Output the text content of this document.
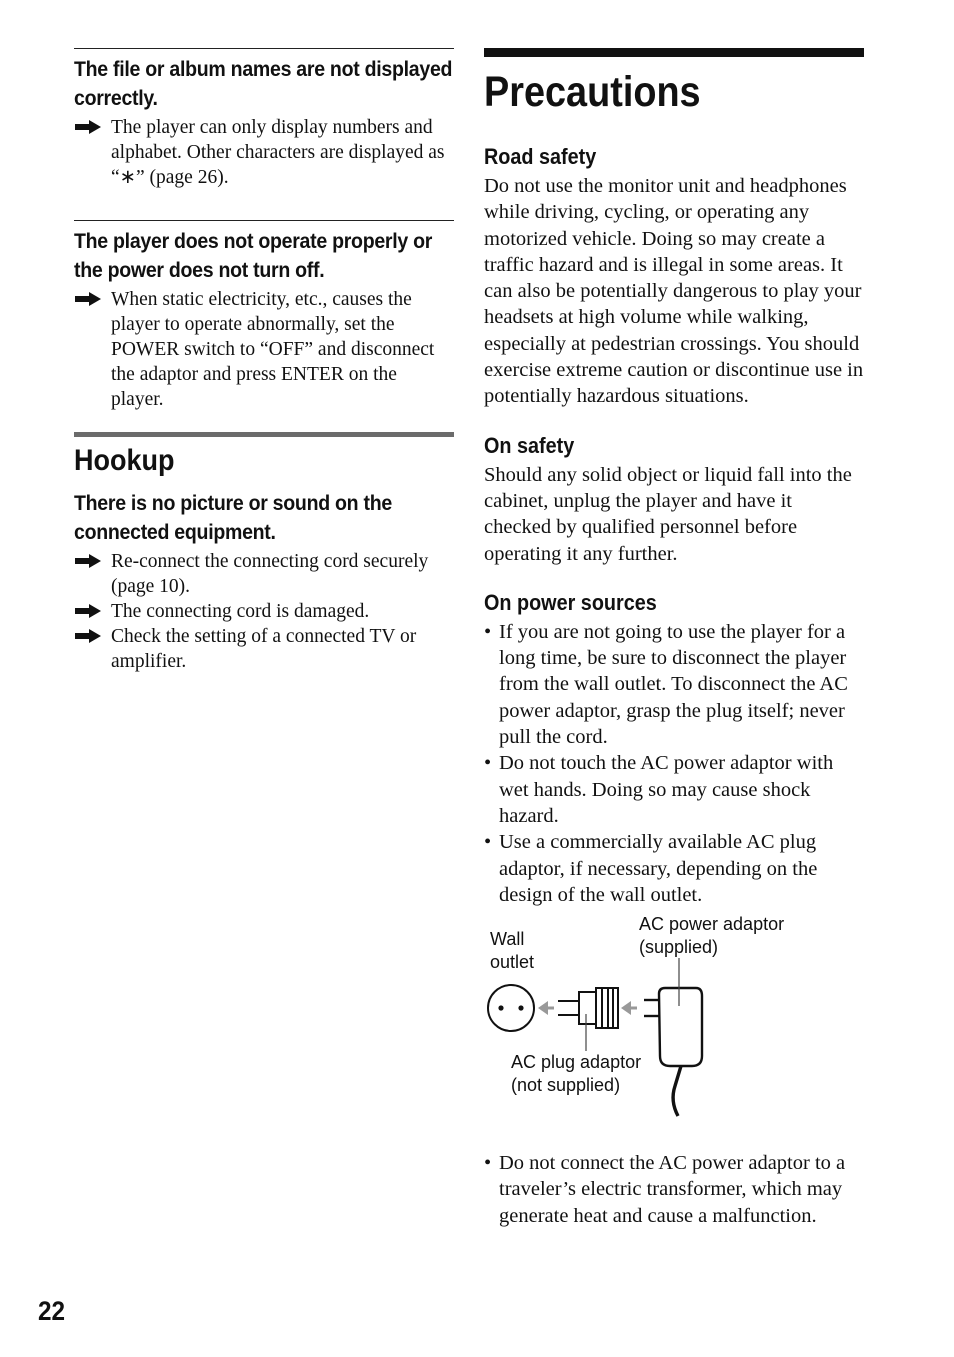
The file or album names are not displayed correctly.
The player can only display numbers and alphabet. Other characters are displayed as “∗” (page 26).
The player does not operate properly or the power does not turn off.
When static electricity, etc., causes the player to operate abnormally, set the POWER switch to “OFF” and disconnect the adaptor and press ENTER on the player.
Hookup
There is no picture or sound on the connected equipment.
Re-connect the connecting cord securely (page 10).
The connecting cord is damaged.
Check the setting of a connected TV or amplifier.
Precautions
Road safety

Do not use the monitor unit and headphones while driving, cycling, or operating any motorized vehicle. Doing so may create a traffic hazard and is illegal in some areas. It can also be potentially dangerous to play your headsets at high volume while walking, especially at pedestrian crossings. You should exercise extreme caution or discontinue use in potentially hazardous situations.

On safety

Should any solid object or liquid fall into the cabinet, unplug the player and have it checked by qualified personnel before operating it any further.

On power sources
• If you are not going to use the player for a long time, be sure to disconnect the player from the wall outlet. To disconnect the AC power adaptor, grasp the plug itself; never pull the cord.
• Do not touch the AC power adaptor with wet hands. Doing so may cause shock hazard.
• Use a commercially available AC plug adaptor, if necessary, depending on the design of the wall outlet.
Wall
outlet
AC power adaptor
(supplied)
AC plug adaptor
(not supplied)
• Do not connect the AC power adaptor to a traveler’s electric transformer, which may generate heat and cause a malfunction.
22
